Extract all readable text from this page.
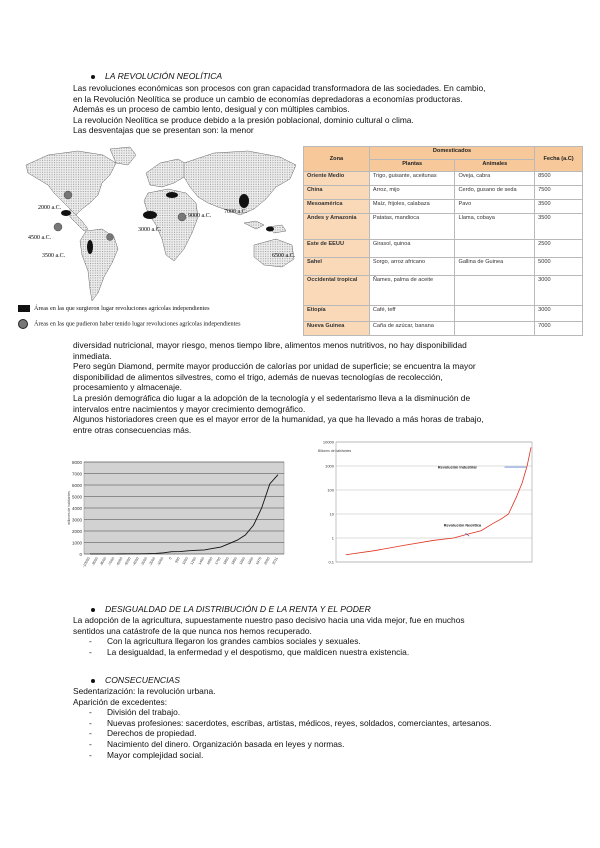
LA REVOLUCIÓN NEOLÍTICA
Las revoluciones económicas son procesos con gran capacidad transformadora de las sociedades. En cambio,
en la Revolución Neolítica se produce un cambio de economías depredadoras a economías productoras.
Además es un proceso de cambio lento, desigual y con múltiples cambios.
La revolución Neolítica se produce debido a la presión poblacional, dominio cultural o clima.
Las desventajas que se presentan son: la menor
2000 a.C.
4500 a.C.
3500 a.C.
3000 a.C.
9000 a.C.
7000 a.C.
6500 a.C.
Áreas en las que surgieron lugar revoluciones agrícolas independientes
Áreas en las que pudieron haber tenido lugar revoluciones agrícolas independientes
Zona	Domesticados		Fecha (a.C)
	Plantas	Animales	
Oriente Medio	Trigo, guisante, aceitunas	Oveja, cabra	8500
China	Arroz, mijo	Cerdo, gusano de seda	7500
Mesoamérica	Maíz, frijoles, calabaza	Pavo	3500
Andes y Amazonia	Patatas, mandioca	Llama, cobaya	3500
Este de EEUU	Girasol, quinoa		2500
Sahel	Sorgo, arroz africano	Gallina de Guinea	5000
Occidental tropical	Ñames, palma de aceite		3000
Etiopía	Café, teff		3000
Nueva Guinea	Caña de azúcar, banana		7000
diversidad nutricional, mayor riesgo, menos tiempo libre, alimentos menos nutritivos, no hay disponibilidad
inmediata.
Pero según Diamond, permite mayor producción de calorías por unidad de superficie; se encuentra la mayor
disponibilidad de alimentos silvestres, como el trigo, además de nuevas tecnologías de recolección,
procesamiento y almacenaje.
La presión demográfica dio lugar a la adopción de la tecnología y el sedentarismo lleva a la disminución de
intervalos entre nacimientos y mayor crecimiento demográfico.
Algunos historiadores creen que es el mayor error de la humanidad, ya que ha llevado a más horas de trabajo,
entre otras consecuencias más.
0
1000
2000
3000
4000
5000
6000
7000
8000
-10000 -9000 -8000 -7000 -6000 -5000 -4000 -3000 -2000 -1000 0 500 1000 1200 1400 1600 1700 1800 1850 1900 1950 1975 2000 2011
millones de habitantes
0.1
1
10
100
1000
10000
Revolución Industrial
Revolución Neolítica
Billones de habitantes
DESIGUALDAD DE LA DISTRIBUCIÓN D E LA RENTA Y EL PODER
La adopción de la agricultura, supuestamente nuestro paso decisivo hacia una vida mejor, fue en muchos
sentidos una catástrofe de la que nunca nos hemos recuperado.
- Con la agricultura llegaron los grandes cambios sociales y sexuales.
- La desigualdad, la enfermedad y el despotismo, que maldicen nuestra existencia.
CONSECUENCIAS
Sedentarización: la revolución urbana.
Aparición de excedentes:
- División del trabajo.
- Nuevas profesiones: sacerdotes, escribas, artistas, médicos, reyes, soldados, comerciantes, artesanos.
- Derechos de propiedad.
- Nacimiento del dinero. Organización basada en leyes y normas.
- Mayor complejidad social.
